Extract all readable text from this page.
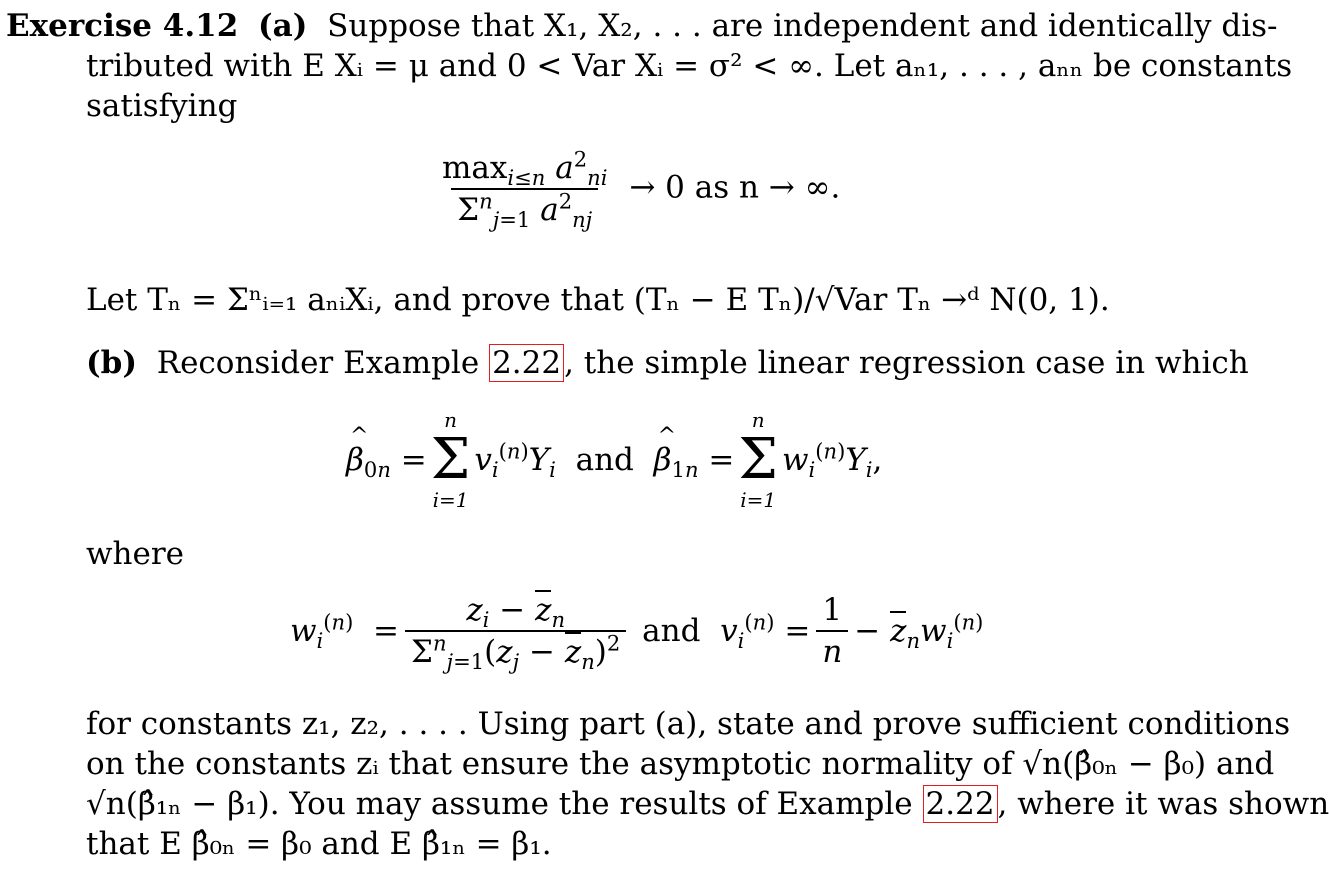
Exercise 4.12 (a) Suppose that X₁, X₂, . . . are independent and identically dis-
tributed with E Xᵢ = μ and 0 < Var Xᵢ = σ² < ∞. Let aₙ₁, . . . , aₙₙ be constants
satisfying
$\frac{\max_{i\le n} a^2_{ni}}{\Sigma^n_{j=1} a^2_{nj}} \to 0$ as n → ∞.
Let Tₙ = Σⁿᵢ₌₁ aₙᵢXᵢ, and prove that (Tₙ − E Tₙ)/√Var Tₙ →ᵈ N(0, 1).
(b) Reconsider Example 2.22, the simple linear regression case in which
^ $\beta_{0n}$ =
n
Σ
i=1
$v_i^{(n)}Y_i$  and  ^ $\beta_{1n}$ =
n
Σ
i=1
$w_i^{(n)}Y_i$,
where
$w_i^{(n)} = \frac{z_i - z_n}{\Sigma^n_{j=1}(z_j - z_n)^2}$ and  $v_i^{(n)} = \frac{1}{n} - z_nw_i^{(n)}$
for constants z₁, z₂, . . . . Using part (a), state and prove sufficient conditions
on the constants zᵢ that ensure the asymptotic normality of √n(β̂₀ₙ − β₀) and
√n(β̂₁ₙ − β₁). You may assume the results of Example 2.22, where it was shown
that E β̂₀ₙ = β₀ and E β̂₁ₙ = β₁.
